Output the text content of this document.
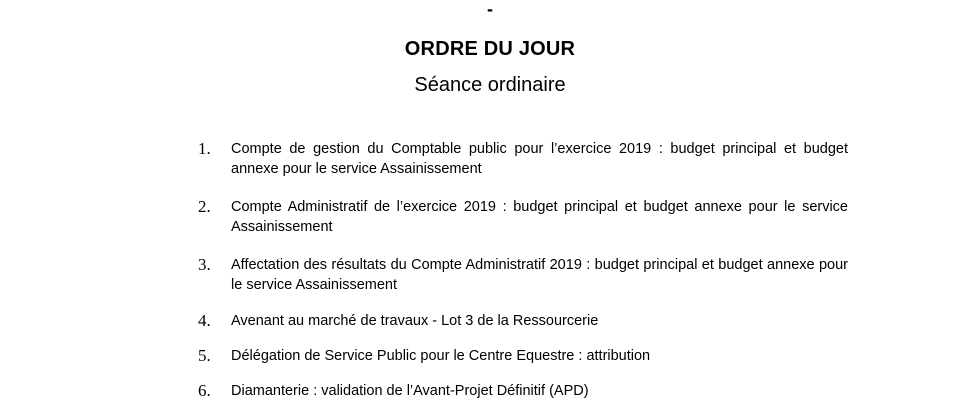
-
ORDRE DU JOUR
Séance ordinaire
1.	Compte de gestion du Comptable public pour l’exercice 2019 : budget principal et budget annexe pour le service Assainissement
2.	Compte Administratif de l’exercice 2019 : budget principal et budget annexe pour le service Assainissement
3.	Affectation des résultats du Compte Administratif 2019 : budget principal et budget annexe pour le service Assainissement
4.	Avenant au marché de travaux - Lot 3 de la Ressourcerie
5.	Délégation de Service Public pour le Centre Equestre : attribution
6.	Diamanterie : validation de l’Avant-Projet Définitif (APD)
